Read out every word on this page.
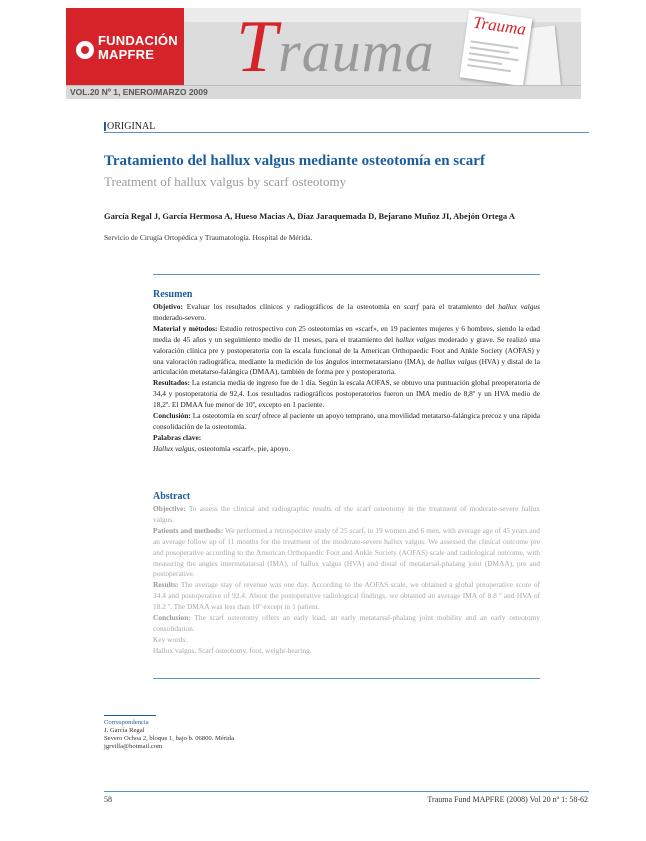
FUNDACIÓN
MAPFRE	Trauma Trauma
VOL.20 Nº 1, ENERO/MARZO 2009
ORIGINAL
Tratamiento del hallux valgus mediante osteotomía en scarf
Treatment of hallux valgus by scarf osteotomy
García Regal J, García Hermosa A, Hueso Macias A, Díaz Jaraquemada D, Bejarano Muñoz JI, Abejón Ortega A
Servicio de Cirugía Ortopédica y Traumatología. Hospital de Mérida.
Resumen

Objetivo: Evaluar los resultados clínicos y radiográficos de la osteotomía en scarf para el tratamiento del hallux valgus moderado-severo.

Material y métodos: Estudio retrospectivo con 25 osteotomías en «scarf», en 19 pacientes mujeres y 6 hombres, siendo la edad media de 45 años y un seguimiento medio de 11 meses, para el tratamiento del hallux valgus moderado y grave. Se realizó una valoración clínica pre y postoperatoria con la escala funcional de la American Orthopaedic Foot and Ankle Society (AOFAS) y una valoración radiográfica, mediante la medición de los ángulos intermetatarsiano (IMA), de hallux valgus (HVA) y distal de la articulación metatarso-falángica (DMAA), también de forma pre y postoperatoria.

Resultados: La estancia media de ingreso fue de 1 día. Según la escala AOFAS, se obtuvo una puntuación global preoperatoria de 34,4 y postoperatoria de 92,4. Los resultados radiográficos postoperatorios fueron un IMA medio de 8,8º y un HVA medio de 18,2º. El DMAA fue menor de 10º, excepto en 1 paciente.

Conclusión: La osteotomía en scarf ofrece al paciente un apoyo temprano, una movilidad metatarso-falángica precoz y una rápida consolidación de la osteotomía.

Palabras clave:

Hallux valgus, osteotomía «scarf», pie, apoyo.

Abstract

Objective: To assess the clinical and radiographic results of the scarf osteotomy in the treatment of moderate-severe hallux valgus.

Patients and methods: We performed a retrospective study of 25 scarf, in 19 women and 6 men, with average age of 45 years and an average follow up of 11 months for the treatment of the moderate-severe hallux valgus. We assessed the clinical outcome pre and posoperative according to the American Orthopaedic Foot and Ankle Society (AOFAS) scale and radiological outcome, with measuring the angles intermetatarsal (IMA), of hallux valgus (HVA) and distal of metatarsal-phalang joint (DMAA), pre and postoperative.

Results: The average stay of revenue was one day. According to the AOFAS scale, we obtained a global preoperative score of 34.4 and postoperative of 92.4. About the postoperative radiological findings, we obtained an average IMA of 8.8 º and HVA of 18.2 º. The DMAA was less than 10º except in 1 patient.

Conclusion: The scarf osteotomy offers an early load, an early metatarsal-phalang joint mobility and an early osteotomy consolidation.

Key words:

Hallux valgus, Scarf osteotomy, foot, weight-bearing.

Correspondencia
J. García Regal
Severo Ochoa 2, bloque 1, bajo b. 06800. Mérida
jgrvilla@hotmail.com
58	Trauma Fund MAPFRE (2008) Vol 20 nº 1: 58-62
